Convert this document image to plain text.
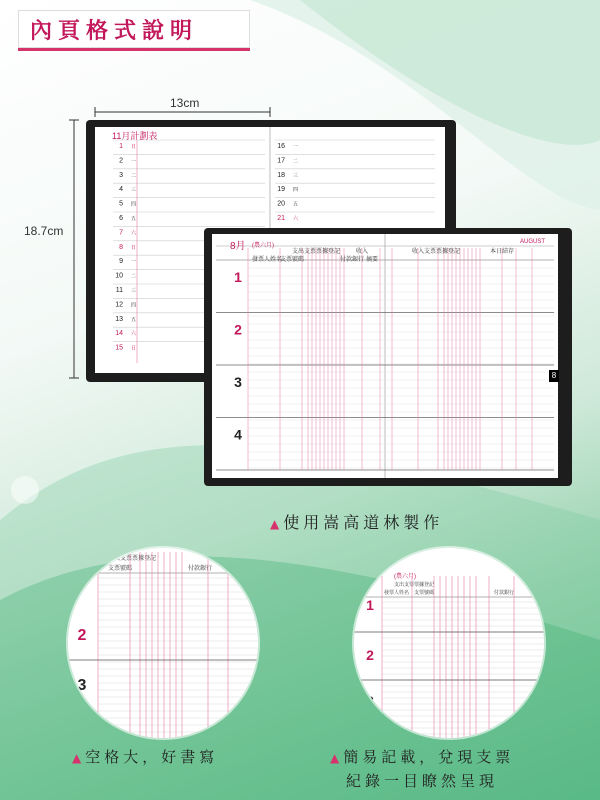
內頁格式說明
13cm
18.7cm
1 日
2 一
3 二
4 三
5 四
6 五
7 六
8 日
9 一
10 二
11 三
12 四
13 五
14 六
15 日
16 一
17 二
18 三
19 四
20 五
21 六
11月計劃表
1
2
3
4
8月 (農六月)
AUGUST
支出支票票據登記	收入	收入支票票據登記	本日結存
發票人姓名
支票號碼	付款銀行 摘要
8
▲ 使用嵩高道林製作
支出支票票據登記
支票號碼	付款銀行
2
3
(農六月)
支出支票票據登記
發票人姓名 支票號碼	付款銀行
1
2
3
▲ 空格大，好書寫	▲ 簡易記載，兌現支票
紀錄一目瞭然呈現
